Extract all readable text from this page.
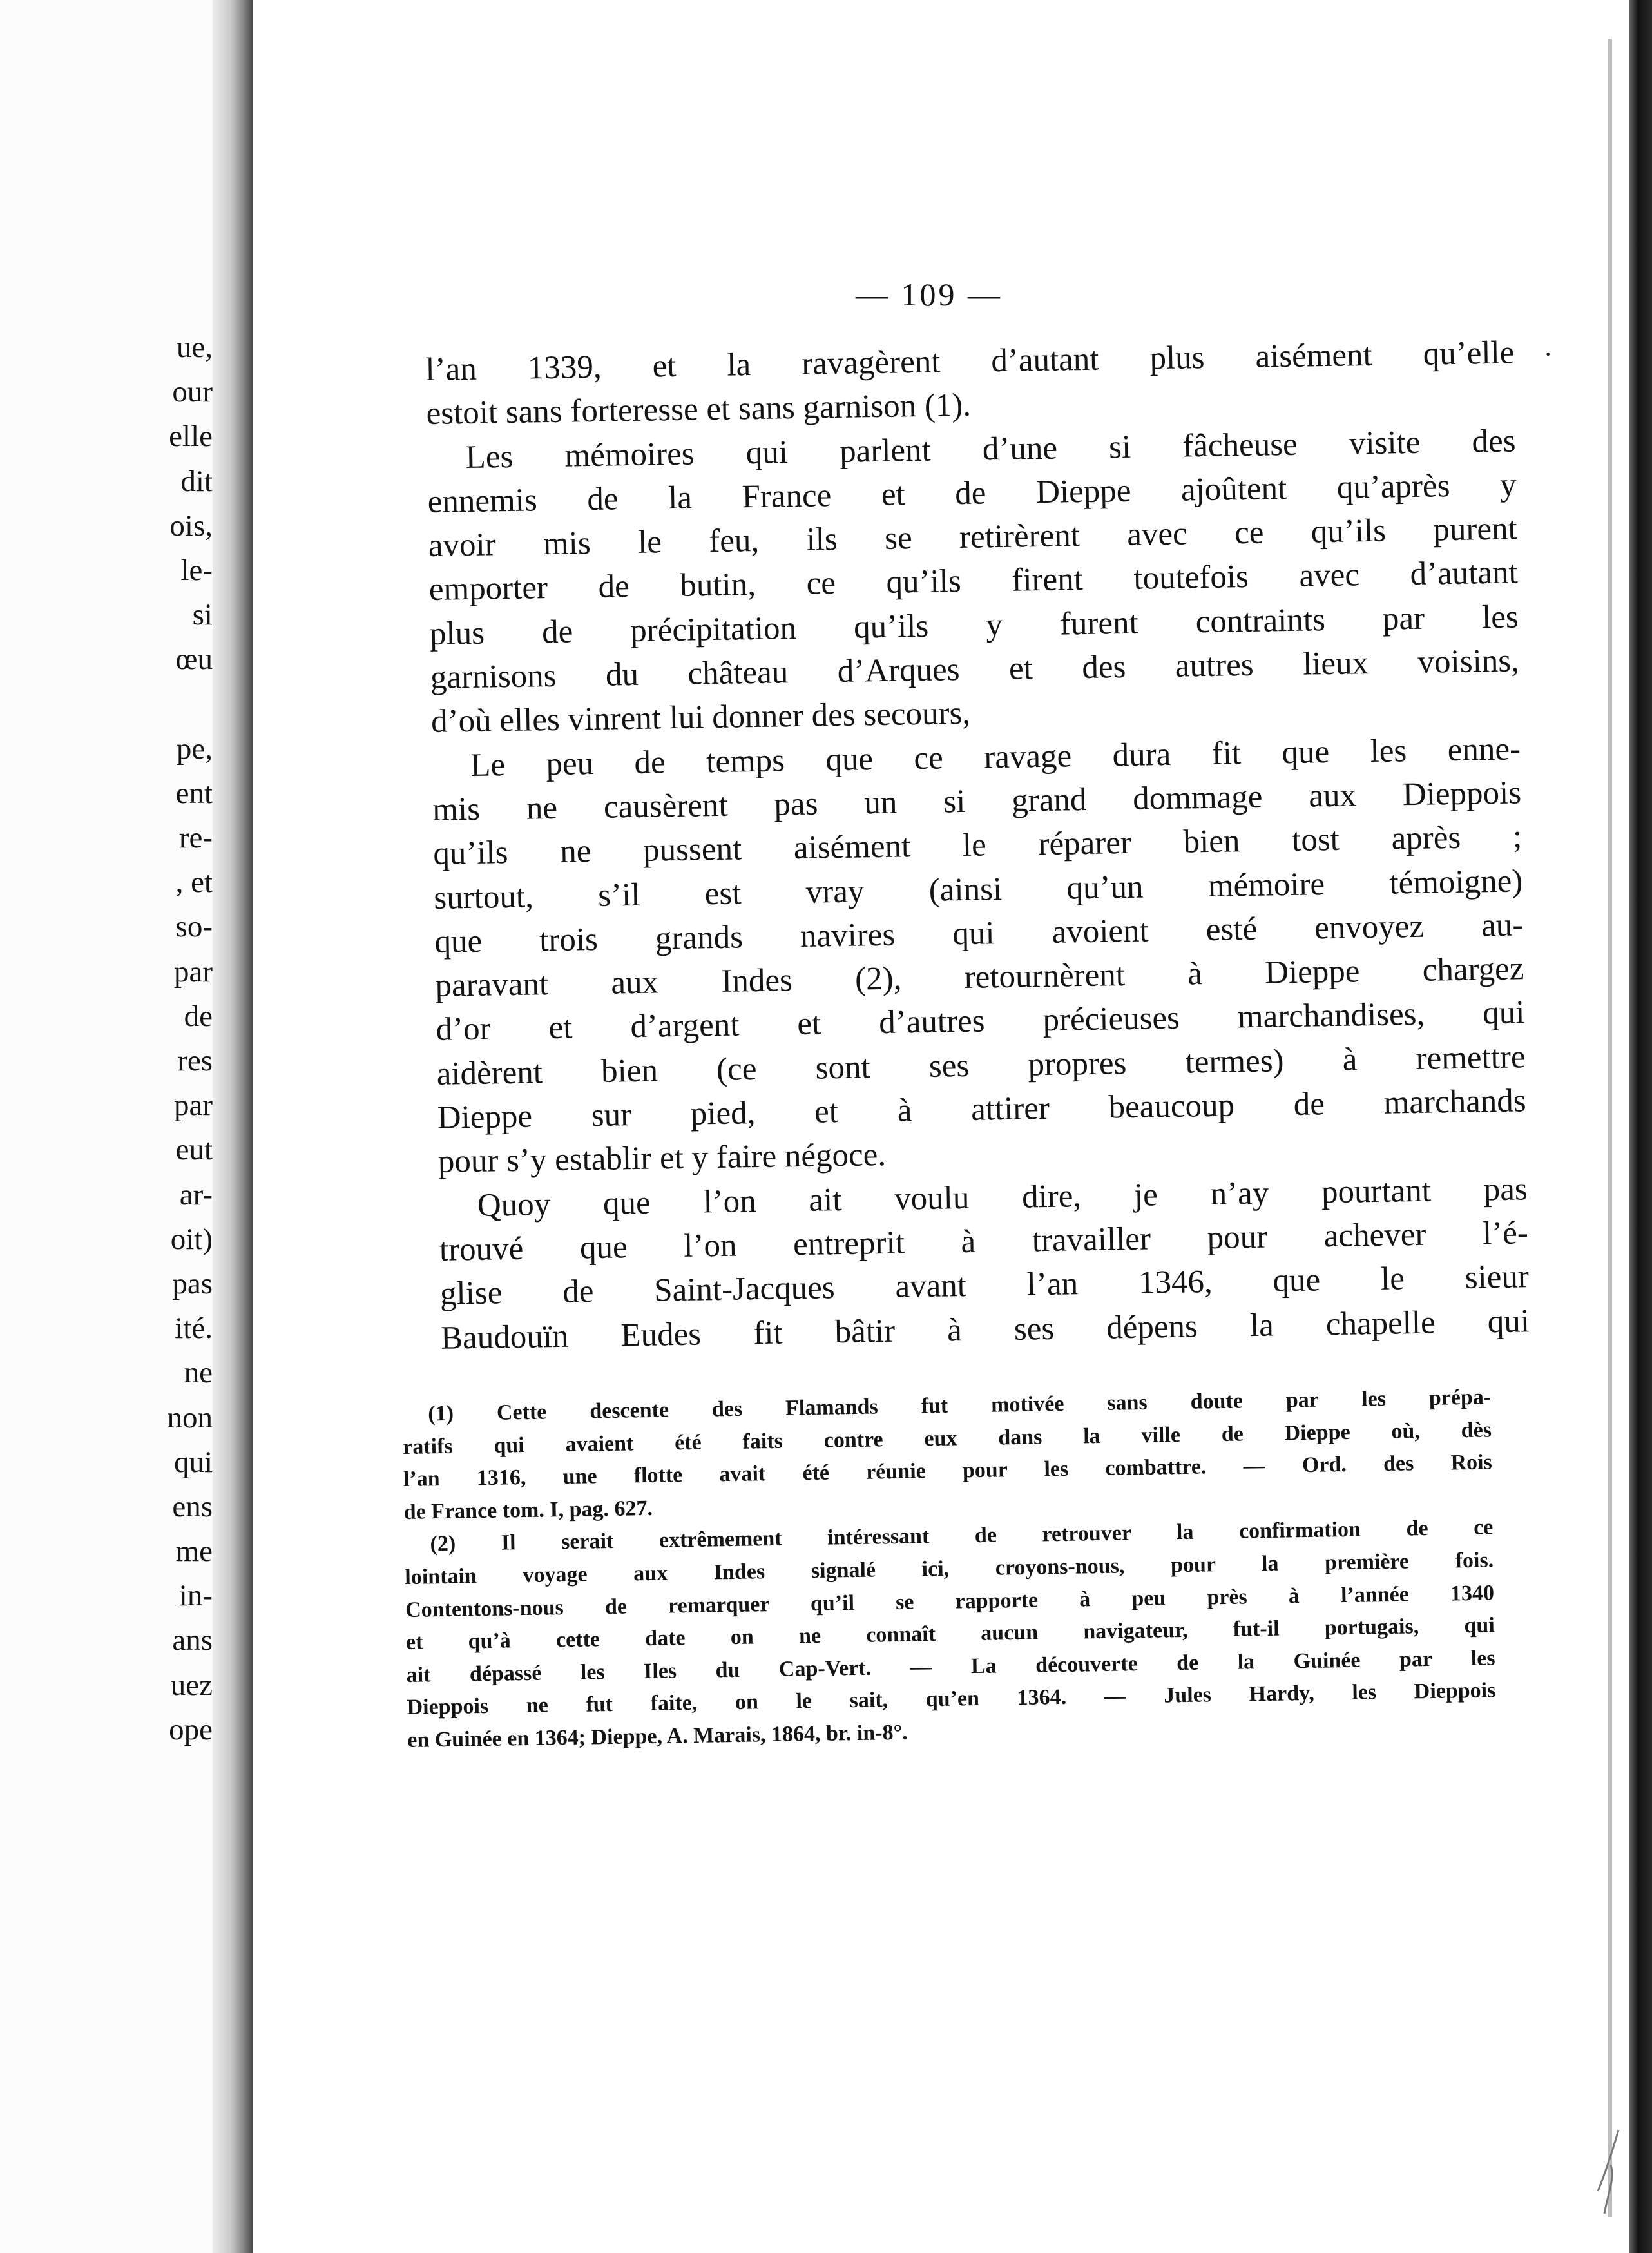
ue,
our
elle
dit
ois,
le-
si
œu
pe,
ent
re-
, et
so-
par
de
res
par
eut
ar-
oit)
pas
ité.
ne
non
qui
ens
me
in-
ans
uez
ope
— 109 —
·
l’an 1339, et la ravagèrent d’autant plus aisément qu’elle
estoit sans forteresse et sans garnison (1).
Les mémoires qui parlent d’une si fâcheuse visite des
ennemis de la France et de Dieppe ajoûtent qu’après y
avoir mis le feu, ils se retirèrent avec ce qu’ils purent
emporter de butin, ce qu’ils firent toutefois avec d’autant
plus de précipitation qu’ils y furent contraints par les
garnisons du château d’Arques et des autres lieux voisins,
d’où elles vinrent lui donner des secours,
Le peu de temps que ce ravage dura fit que les enne-
mis ne causèrent pas un si grand dommage aux Dieppois
qu’ils ne pussent aisément le réparer bien tost après ;
surtout, s’il est vray (ainsi qu’un mémoire témoigne)
que trois grands navires qui avoient esté envoyez au-
paravant aux Indes (2), retournèrent à Dieppe chargez
d’or et d’argent et d’autres précieuses marchandises, qui
aidèrent bien (ce sont ses propres termes) à remettre
Dieppe sur pied, et à attirer beaucoup de marchands
pour s’y establir et y faire négoce.
Quoy que l’on ait voulu dire, je n’ay pourtant pas
trouvé que l’on entreprit à travailler pour achever l’é-
glise de Saint-Jacques avant l’an 1346, que le sieur
Baudouïn Eudes fit bâtir à ses dépens la chapelle qui
(1) Cette descente des Flamands fut motivée sans doute par les prépa-
ratifs qui avaient été faits contre eux dans la ville de Dieppe où, dès
l’an 1316, une flotte avait été réunie pour les combattre. — Ord. des Rois
de France tom. I, pag. 627.
(2) Il serait extrêmement intéressant de retrouver la confirmation de ce
lointain voyage aux Indes signalé ici, croyons-nous, pour la première fois.
Contentons-nous de remarquer qu’il se rapporte à peu près à l’année 1340
et qu’à cette date on ne connaît aucun navigateur, fut-il portugais, qui
ait dépassé les Iles du Cap-Vert. — La découverte de la Guinée par les
Dieppois ne fut faite, on le sait, qu’en 1364. — Jules Hardy, les Dieppois
en Guinée en 1364; Dieppe, A. Marais, 1864, br. in-8°.
